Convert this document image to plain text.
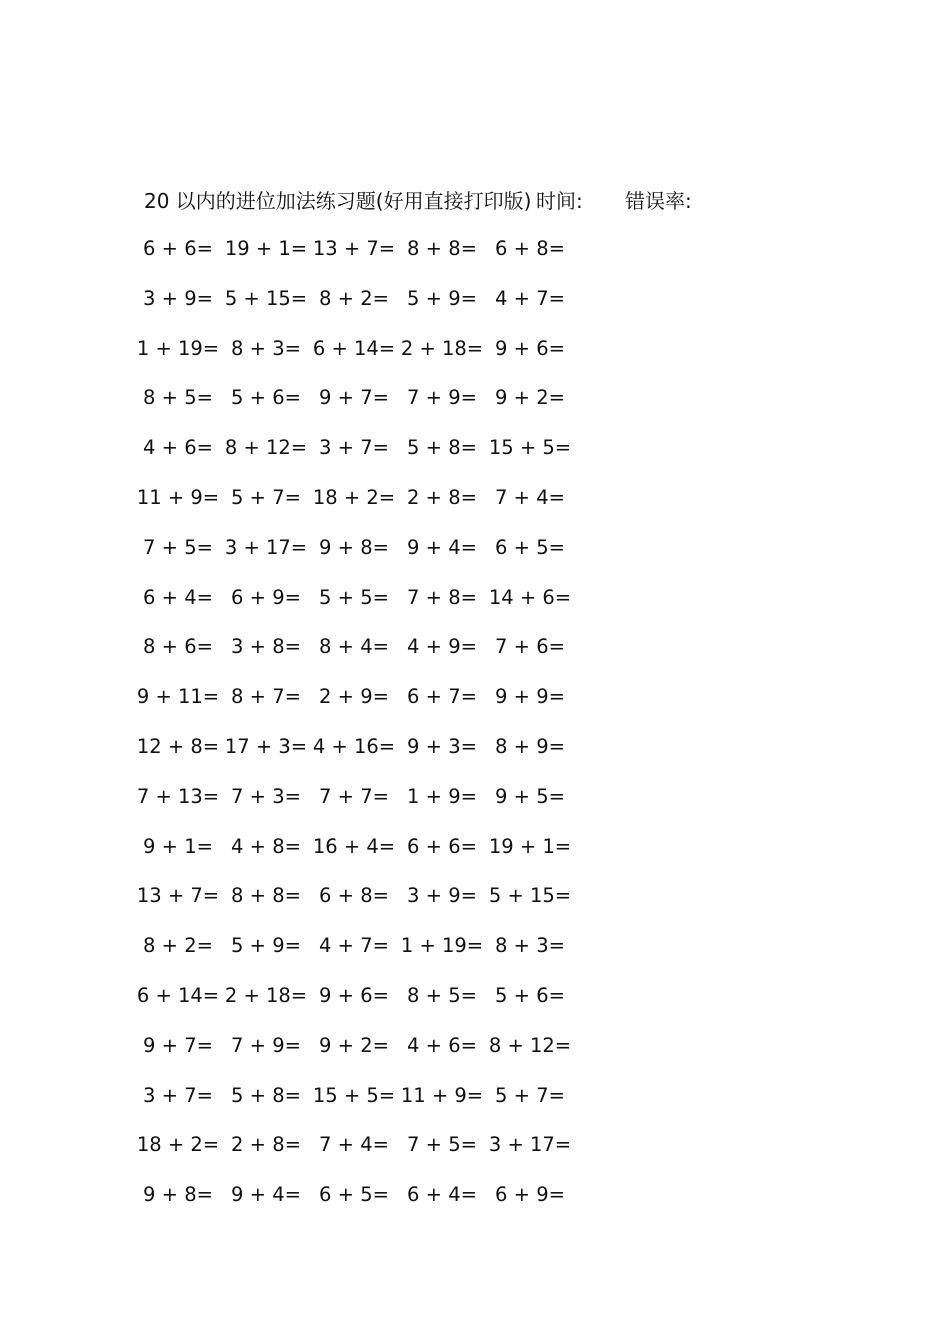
20 以内的进位加法练习题(好用直接打印版) 时间: 错误率:
6 + 6= 19 + 1= 13 + 7= 8 + 8= 6 + 8=
3 + 9= 5 + 15= 8 + 2= 5 + 9= 4 + 7=
1 + 19= 8 + 3= 6 + 14= 2 + 18= 9 + 6=
8 + 5= 5 + 6= 9 + 7= 7 + 9= 9 + 2=
4 + 6= 8 + 12= 3 + 7= 5 + 8= 15 + 5=
11 + 9= 5 + 7= 18 + 2= 2 + 8= 7 + 4=
7 + 5= 3 + 17= 9 + 8= 9 + 4= 6 + 5=
6 + 4= 6 + 9= 5 + 5= 7 + 8= 14 + 6=
8 + 6= 3 + 8= 8 + 4= 4 + 9= 7 + 6=
9 + 11= 8 + 7= 2 + 9= 6 + 7= 9 + 9=
12 + 8= 17 + 3= 4 + 16= 9 + 3= 8 + 9=
7 + 13= 7 + 3= 7 + 7= 1 + 9= 9 + 5=
9 + 1= 4 + 8= 16 + 4= 6 + 6= 19 + 1=
13 + 7= 8 + 8= 6 + 8= 3 + 9= 5 + 15=
8 + 2= 5 + 9= 4 + 7= 1 + 19= 8 + 3=
6 + 14= 2 + 18= 9 + 6= 8 + 5= 5 + 6=
9 + 7= 7 + 9= 9 + 2= 4 + 6= 8 + 12=
3 + 7= 5 + 8= 15 + 5= 11 + 9= 5 + 7=
18 + 2= 2 + 8= 7 + 4= 7 + 5= 3 + 17=
9 + 8= 9 + 4= 6 + 5= 6 + 4= 6 + 9=
